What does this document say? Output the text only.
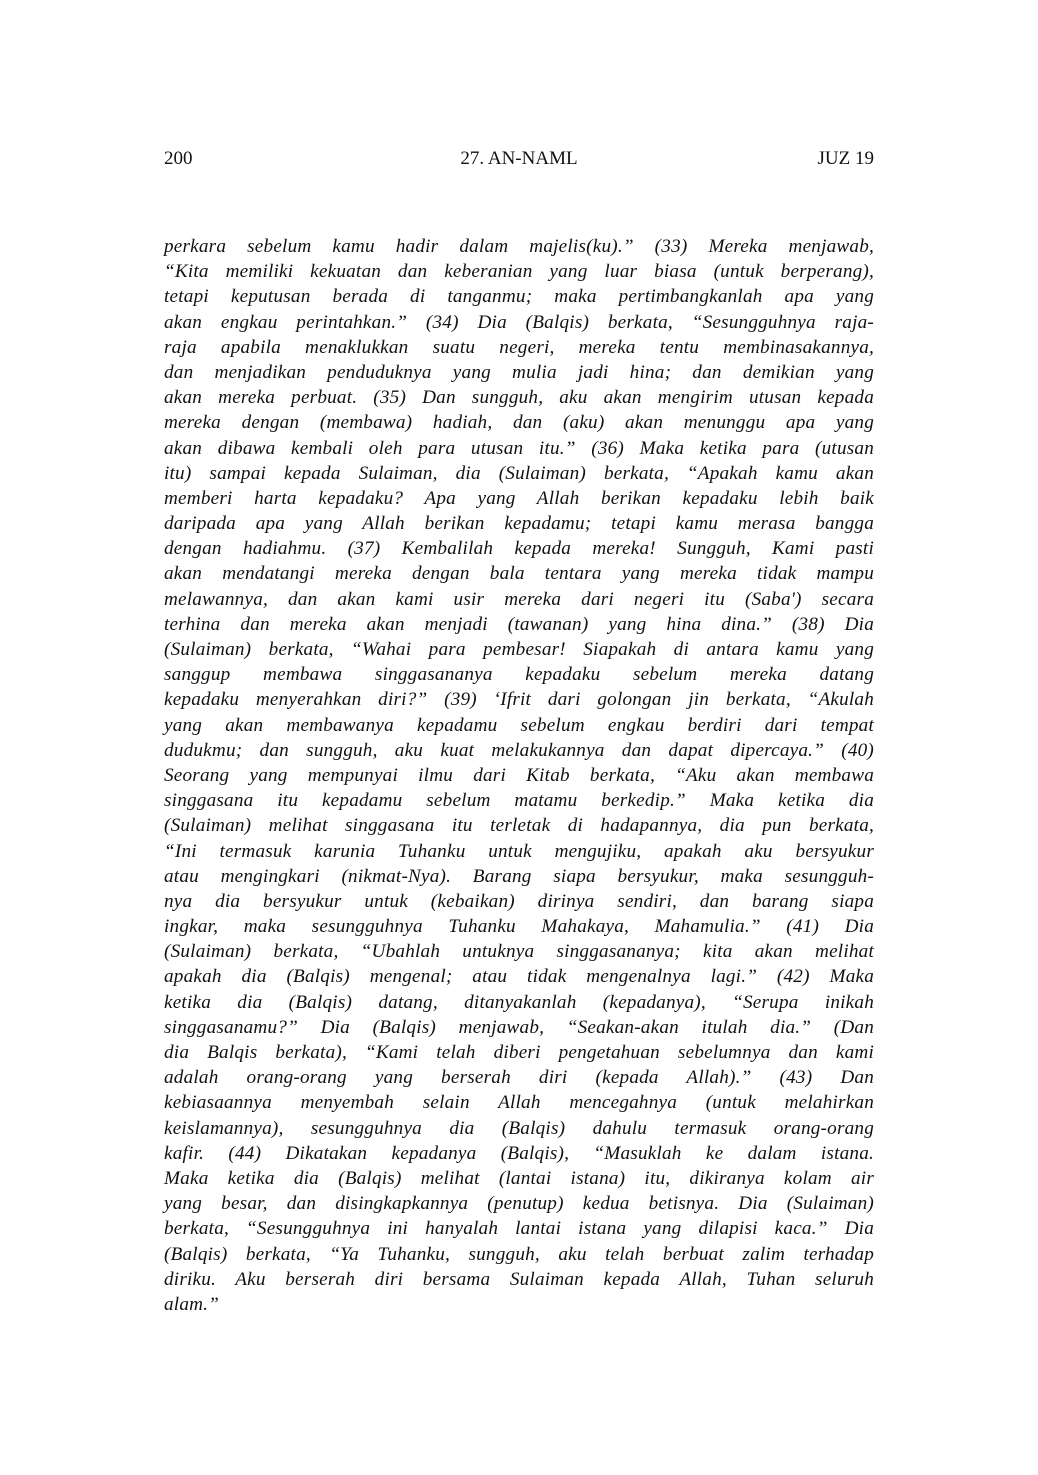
200	27. AN-NAML	JUZ 19
perkara sebelum kamu hadir dalam majelis(ku).” (33) Mereka menjawab,
“Kita memiliki kekuatan dan keberanian yang luar biasa (untuk berperang),
tetapi keputusan berada di tanganmu; maka pertimbangkanlah apa yang
akan engkau perintahkan.” (34) Dia (Balqis) berkata, “Sesungguhnya raja-
raja apabila menaklukkan suatu negeri, mereka tentu membinasakannya,
dan menjadikan penduduknya yang mulia jadi hina; dan demikian yang
akan mereka perbuat. (35) Dan sungguh, aku akan mengirim utusan kepada
mereka dengan (membawa) hadiah, dan (aku) akan menunggu apa yang
akan dibawa kembali oleh para utusan itu.” (36) Maka ketika para (utusan
itu) sampai kepada Sulaiman, dia (Sulaiman) berkata, “Apakah kamu akan
memberi harta kepadaku? Apa yang Allah berikan kepadaku lebih baik
daripada apa yang Allah berikan kepadamu; tetapi kamu merasa bangga
dengan hadiahmu. (37) Kembalilah kepada mereka! Sungguh, Kami pasti
akan mendatangi mereka dengan bala tentara yang mereka tidak mampu
melawannya, dan akan kami usir mereka dari negeri itu (Saba') secara
terhina dan mereka akan menjadi (tawanan) yang hina dina.” (38) Dia
(Sulaiman) berkata, “Wahai para pembesar! Siapakah di antara kamu yang
sanggup membawa singgasananya kepadaku sebelum mereka datang
kepadaku menyerahkan diri?” (39) ‘Ifrit dari golongan jin berkata, “Akulah
yang akan membawanya kepadamu sebelum engkau berdiri dari tempat
dudukmu; dan sungguh, aku kuat melakukannya dan dapat dipercaya.” (40)
Seorang yang mempunyai ilmu dari Kitab berkata, “Aku akan membawa
singgasana itu kepadamu sebelum matamu berkedip.” Maka ketika dia
(Sulaiman) melihat singgasana itu terletak di hadapannya, dia pun berkata,
“Ini termasuk karunia Tuhanku untuk mengujiku, apakah aku bersyukur
atau mengingkari (nikmat-Nya). Barang siapa bersyukur, maka sesungguh-
nya dia bersyukur untuk (kebaikan) dirinya sendiri, dan barang siapa
ingkar, maka sesungguhnya Tuhanku Mahakaya, Mahamulia.” (41) Dia
(Sulaiman) berkata, “Ubahlah untuknya singgasananya; kita akan melihat
apakah dia (Balqis) mengenal; atau tidak mengenalnya lagi.” (42) Maka
ketika dia (Balqis) datang, ditanyakanlah (kepadanya), “Serupa inikah
singgasanamu?” Dia (Balqis) menjawab, “Seakan-akan itulah dia.” (Dan
dia Balqis berkata), “Kami telah diberi pengetahuan sebelumnya dan kami
adalah orang-orang yang berserah diri (kepada Allah).” (43) Dan
kebiasaannya menyembah selain Allah mencegahnya (untuk melahirkan
keislamannya), sesungguhnya dia (Balqis) dahulu termasuk orang-orang
kafir. (44) Dikatakan kepadanya (Balqis), “Masuklah ke dalam istana.
Maka ketika dia (Balqis) melihat (lantai istana) itu, dikiranya kolam air
yang besar, dan disingkapkannya (penutup) kedua betisnya. Dia (Sulaiman)
berkata, “Sesungguhnya ini hanyalah lantai istana yang dilapisi kaca.” Dia
(Balqis) berkata, “Ya Tuhanku, sungguh, aku telah berbuat zalim terhadap
diriku. Aku berserah diri bersama Sulaiman kepada Allah, Tuhan seluruh
alam.”
